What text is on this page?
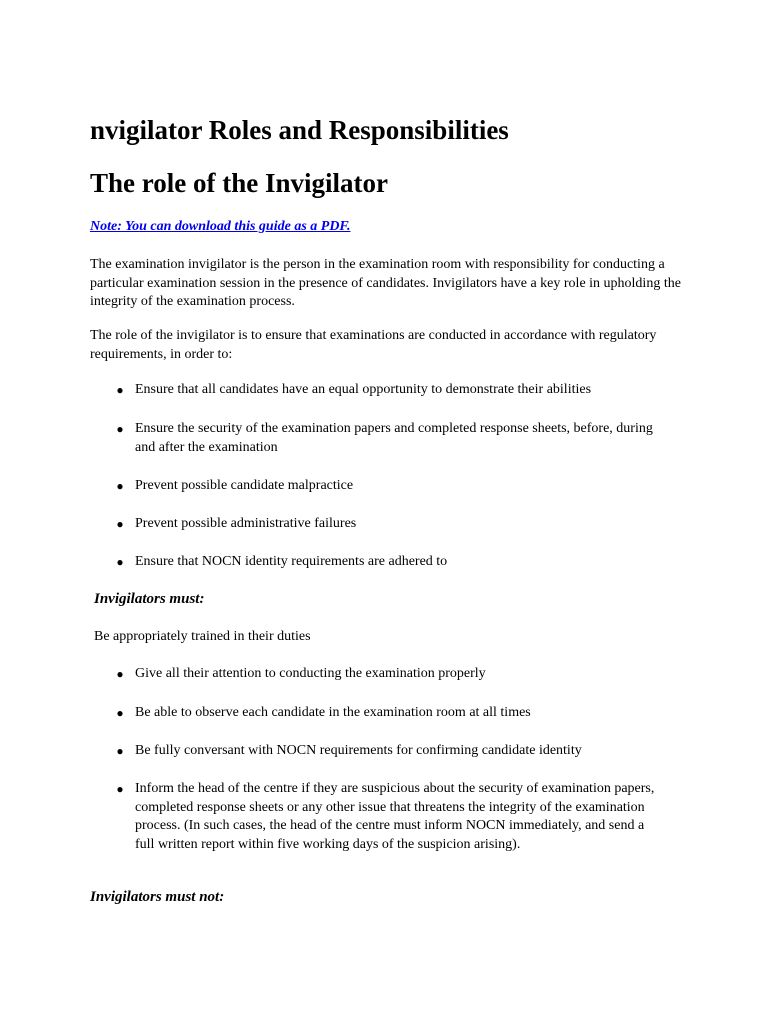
nvigilator Roles and Responsibilities
The role of the Invigilator
Note: You can download this guide as a PDF.

The examination invigilator is the person in the examination room with responsibility for conducting a particular examination session in the presence of candidates. Invigilators have a key role in upholding the integrity of the examination process.

The role of the invigilator is to ensure that examinations are conducted in accordance with regulatory requirements, in order to:

● Ensure that all candidates have an equal opportunity to demonstrate their abilities
● Ensure the security of the examination papers and completed response sheets, before, during and after the examination
● Prevent possible candidate malpractice
● Prevent possible administrative failures
● Ensure that NOCN identity requirements are adhered to

Invigilators must:

Be appropriately trained in their duties

● Give all their attention to conducting the examination properly
● Be able to observe each candidate in the examination room at all times
● Be fully conversant with NOCN requirements for confirming candidate identity
● Inform the head of the centre if they are suspicious about the security of examination papers, completed response sheets or any other issue that threatens the integrity of the examination process. (In such cases, the head of the centre must inform NOCN immediately, and send a full written report within five working days of the suspicion arising).

Invigilators must not:
